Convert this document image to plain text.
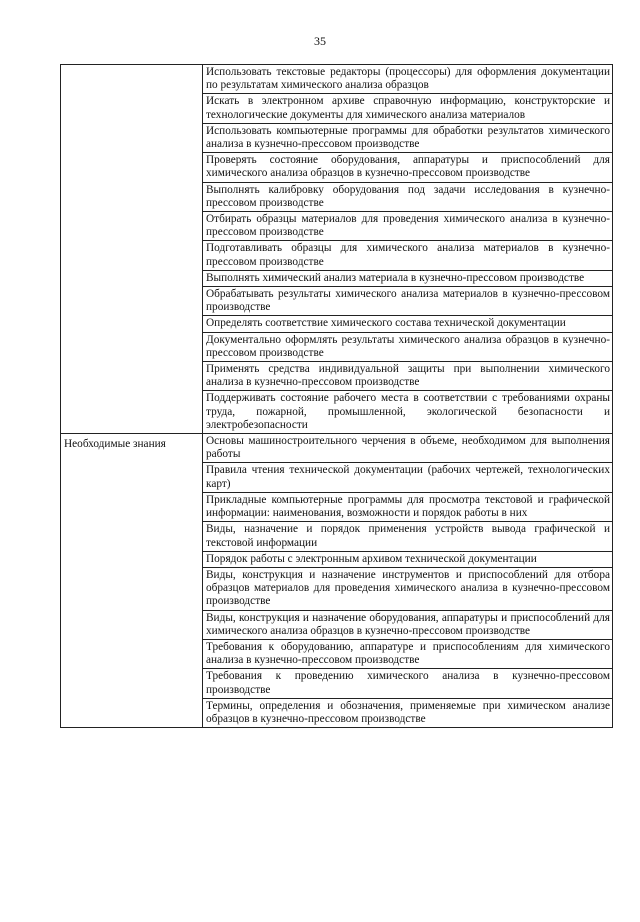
35
	Использовать текстовые редакторы (процессоры) для оформления документации по результатам химического анализа образцов
	Искать в электронном архиве справочную информацию, конструкторские и технологические документы для химического анализа материалов
	Использовать компьютерные программы для обработки результатов химического анализа в кузнечно-прессовом производстве
	Проверять состояние оборудования, аппаратуры и приспособлений для химического анализа образцов в кузнечно-прессовом производстве
	Выполнять калибровку оборудования под задачи исследования в кузнечно-прессовом производстве
	Отбирать образцы материалов для проведения химического анализа в кузнечно-прессовом производстве
	Подготавливать образцы для химического анализа материалов в кузнечно-прессовом производстве
	Выполнять химический анализ материала в кузнечно-прессовом производстве
	Обрабатывать результаты химического анализа материалов в кузнечно-прессовом производстве
	Определять соответствие химического состава технической документации
	Документально оформлять результаты химического анализа образцов в кузнечно-прессовом производстве
	Применять средства индивидуальной защиты при выполнении химического анализа в кузнечно-прессовом производстве
	Поддерживать состояние рабочего места в соответствии с требованиями охраны труда, пожарной, промышленной, экологической безопасности и электробезопасности
Необходимые знания	Основы машиностроительного черчения в объеме, необходимом для выполнения работы
	Правила чтения технической документации (рабочих чертежей, технологических карт)
	Прикладные компьютерные программы для просмотра текстовой и графической информации: наименования, возможности и порядок работы в них
	Виды, назначение и порядок применения устройств вывода графической и текстовой информации
	Порядок работы с электронным архивом технической документации
	Виды, конструкция и назначение инструментов и приспособлений для отбора образцов материалов для проведения химического анализа в кузнечно-прессовом производстве
	Виды, конструкция и назначение оборудования, аппаратуры и приспособлений для химического анализа образцов в кузнечно-прессовом производстве
	Требования к оборудованию, аппаратуре и приспособлениям для химического анализа в кузнечно-прессовом производстве
	Требования к проведению химического анализа в кузнечно-прессовом производстве
	Термины, определения и обозначения, применяемые при химическом анализе образцов в кузнечно-прессовом производстве
